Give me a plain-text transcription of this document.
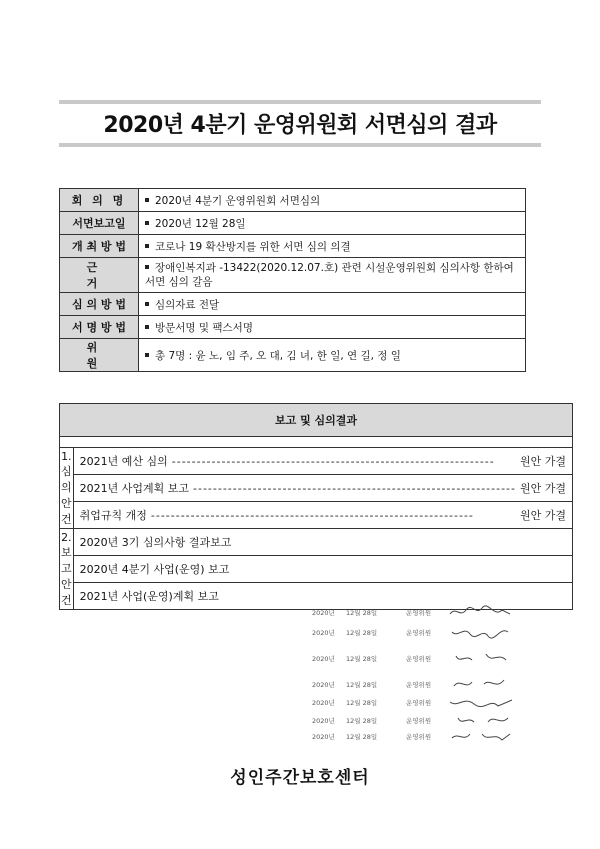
2020년 4분기 운영위원회 서면심의 결과
회 의 명	2020년 4분기 운영위원회 서면심의
서면보고일	2020년 12월 28일
개 최 방 법	코로나 19 확산방지를 위한 서면 심의 의결
근 거	장애인복지과 -13422(2020.12.07.호) 관련 시설운영위원회 심의사항 한하여 서면 심의 갈음
심 의 방 법	심의자료 전달
서 명 방 법	방문서명 및 팩스서명
위 원	총 7명 : 윤 노, 임 주, 오 대, 김 녀, 한 일, 연 길, 정 일
보고 및 심의결과	

1. 심의안건	2021년 예산 심의 ----------------------------------------------------------------- 원안 가결

	2021년 사업계획 보고 ----------------------------------------------------------------- 원안 가결

	취업규칙 개정 ----------------------------------------------------------------- 원안 가결

2. 보고안건	2020년 3기 심의사항 결과보고
	2020년 4분기 사업(운영) 보고
	2021년 사업(운영)계획 보고
2020년 12월 28일	운영위원
2020년 12월 28일	운영위원
2020년 12월 28일	운영위원
2020년 12월 28일	운영위원
2020년 12월 28일	운영위원
2020년 12월 28일	운영위원
2020년 12월 28일	운영위원
성인주간보호센터
